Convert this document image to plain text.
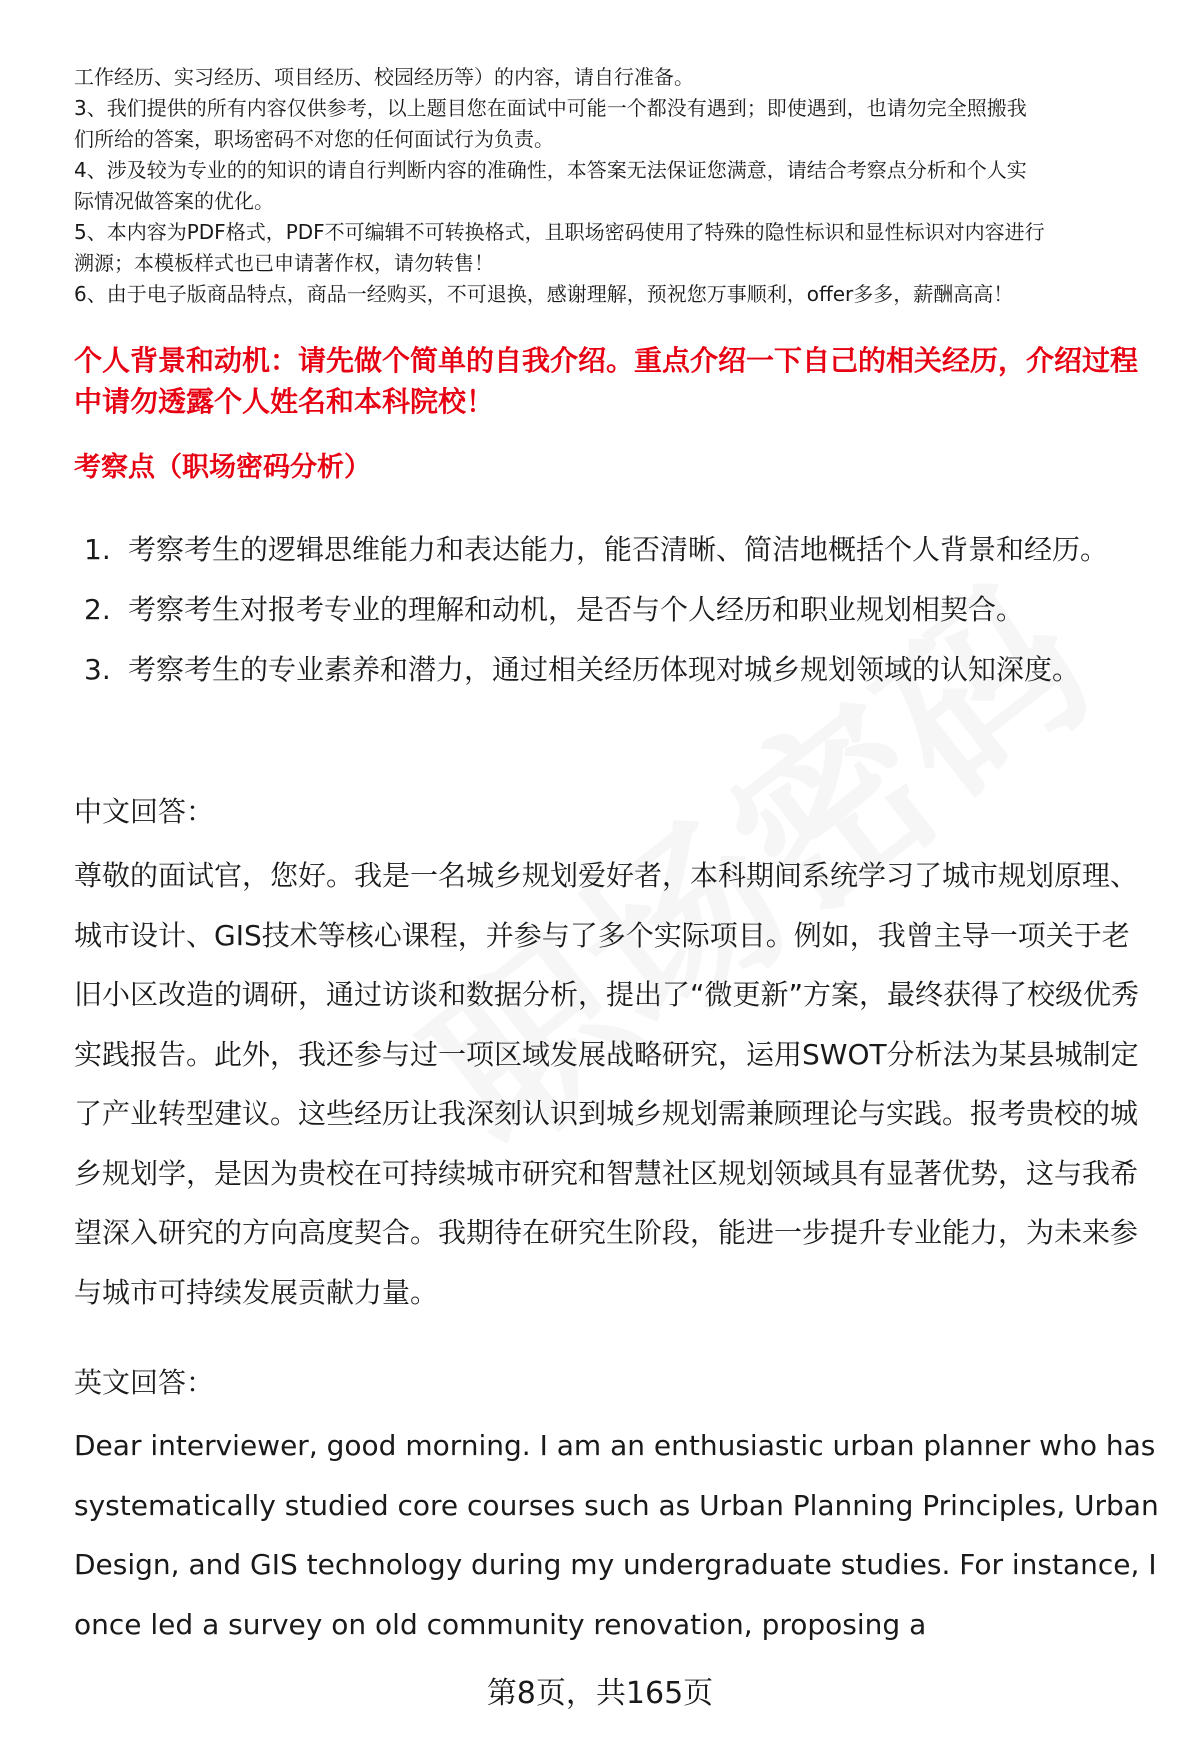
工作经历、实习经历、项目经历、校园经历等）的内容，请自行准备。

3、我们提供的所有内容仅供参考，以上题目您在面试中可能一个都没有遇到；即使遇到，也请勿完全照搬我

们所给的答案，职场密码不对您的任何面试行为负责。

4、涉及较为专业的的知识的请自行判断内容的准确性，本答案无法保证您满意，请结合考察点分析和个人实

际情况做答案的优化。

5、本内容为PDF格式，PDF不可编辑不可转换格式，且职场密码使用了特殊的隐性标识和显性标识对内容进行

溯源；本模板样式也已申请著作权，请勿转售！

6、由于电子版商品特点，商品一经购买，不可退换，感谢理解，预祝您万事顺利，offer多多，薪酬高高！

个人背景和动机：请先做个简单的自我介绍。重点介绍一下自己的相关经历，介绍过程中请勿透露个人姓名和本科院校！

考察点（职场密码分析）

1. 考察考生的逻辑思维能力和表达能力，能否清晰、简洁地概括个人背景和经历。
2. 考察考生对报考专业的理解和动机，是否与个人经历和职业规划相契合。
3. 考察考生的专业素养和潜力，通过相关经历体现对城乡规划领域的认知深度。

中文回答：

尊敬的面试官，您好。我是一名城乡规划爱好者，本科期间系统学习了城市规划原理、城市设计、GIS技术等核心课程，并参与了多个实际项目。例如，我曾主导一项关于老旧小区改造的调研，通过访谈和数据分析，提出了“微更新”方案，最终获得了校级优秀实践报告。此外，我还参与过一项区域发展战略研究，运用SWOT分析法为某县城制定了产业转型建议。这些经历让我深刻认识到城乡规划需兼顾理论与实践。报考贵校的城乡规划学，是因为贵校在可持续城市研究和智慧社区规划领域具有显著优势，这与我希望深入研究的方向高度契合。我期待在研究生阶段，能进一步提升专业能力，为未来参与城市可持续发展贡献力量。

英文回答：

Dear interviewer, good morning. I am an enthusiastic urban planner who has systematically studied core courses such as Urban Planning Principles, Urban Design, and GIS technology during my undergraduate studies. For instance, I once led a survey on old community renovation, proposing a

第8页，共165页
